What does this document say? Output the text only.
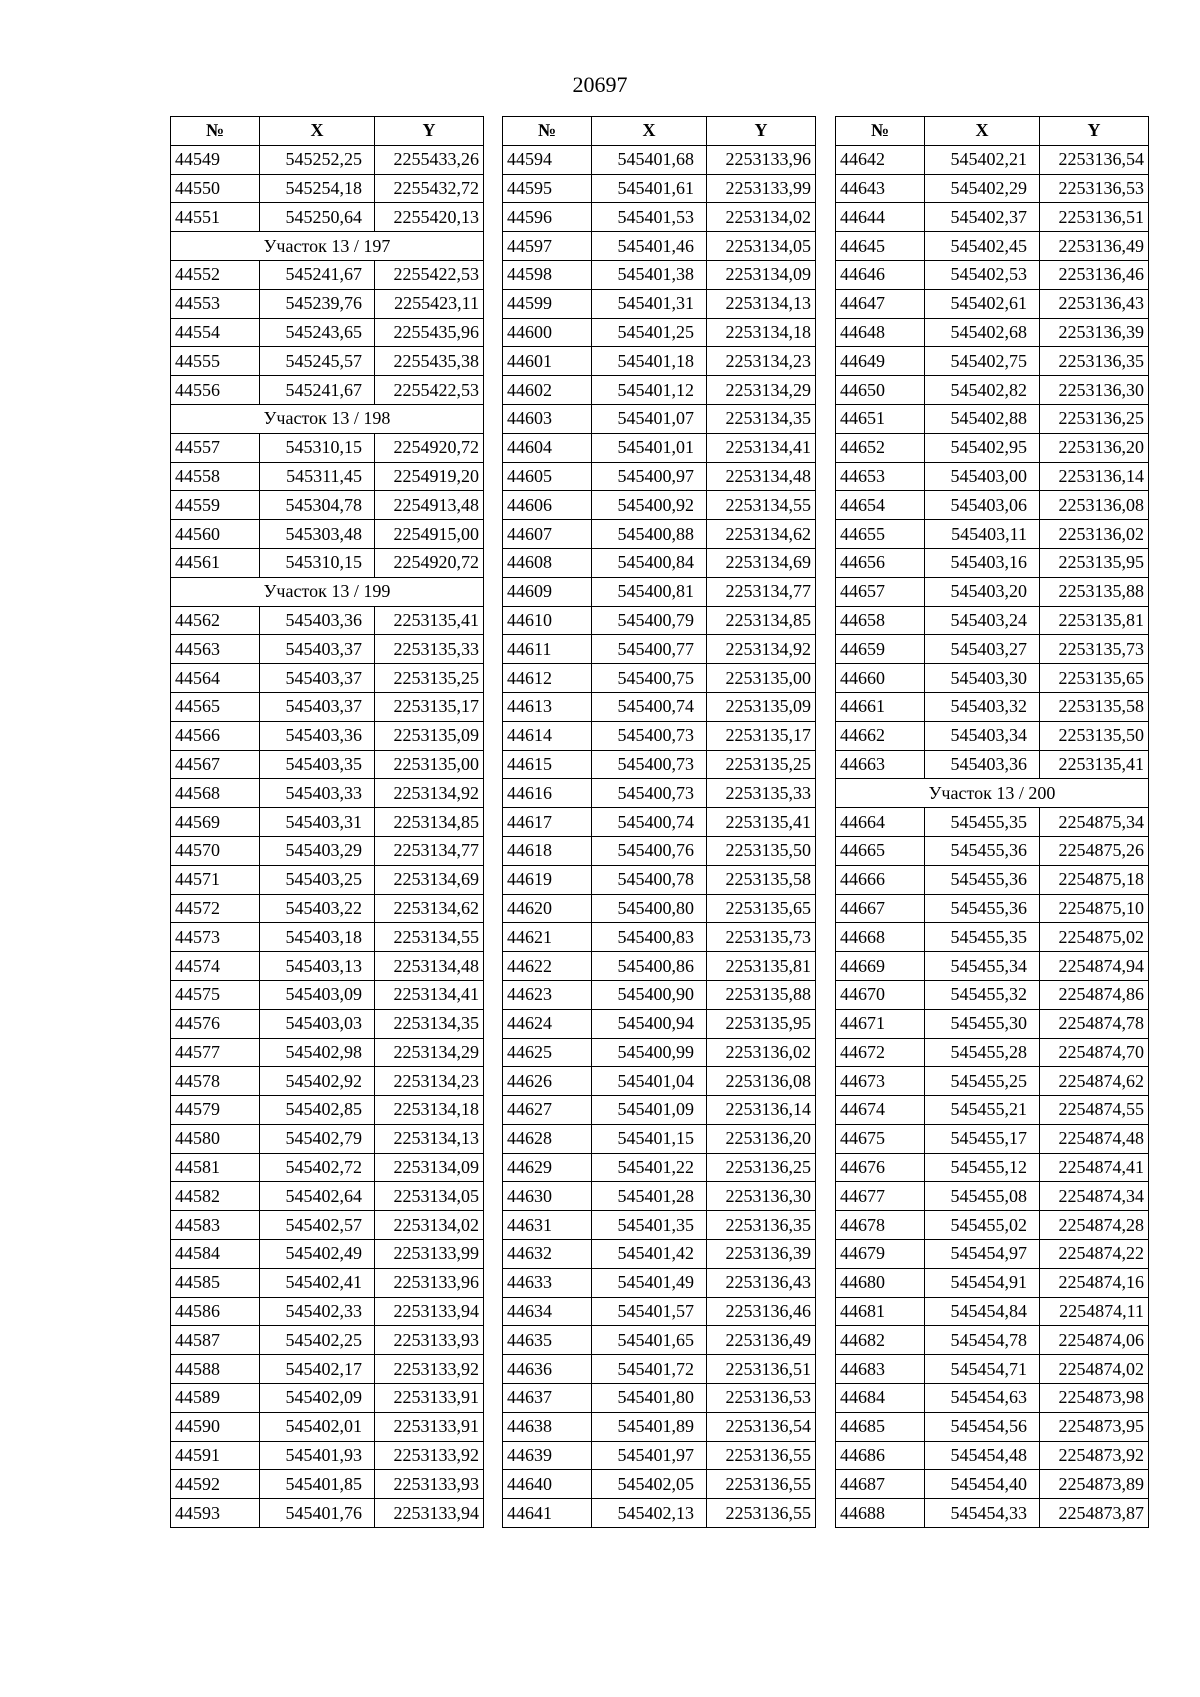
20697
№	X	Y
44549	545252,25	2255433,26
44550	545254,18	2255432,72
44551	545250,64	2255420,13
Участок 13 / 197		
44552	545241,67	2255422,53
44553	545239,76	2255423,11
44554	545243,65	2255435,96
44555	545245,57	2255435,38
44556	545241,67	2255422,53
Участок 13 / 198		
44557	545310,15	2254920,72
44558	545311,45	2254919,20
44559	545304,78	2254913,48
44560	545303,48	2254915,00
44561	545310,15	2254920,72
Участок 13 / 199		
44562	545403,36	2253135,41
44563	545403,37	2253135,33
44564	545403,37	2253135,25
44565	545403,37	2253135,17
44566	545403,36	2253135,09
44567	545403,35	2253135,00
44568	545403,33	2253134,92
44569	545403,31	2253134,85
44570	545403,29	2253134,77
44571	545403,25	2253134,69
44572	545403,22	2253134,62
44573	545403,18	2253134,55
44574	545403,13	2253134,48
44575	545403,09	2253134,41
44576	545403,03	2253134,35
44577	545402,98	2253134,29
44578	545402,92	2253134,23
44579	545402,85	2253134,18
44580	545402,79	2253134,13
44581	545402,72	2253134,09
44582	545402,64	2253134,05
44583	545402,57	2253134,02
44584	545402,49	2253133,99
44585	545402,41	2253133,96
44586	545402,33	2253133,94
44587	545402,25	2253133,93
44588	545402,17	2253133,92
44589	545402,09	2253133,91
44590	545402,01	2253133,91
44591	545401,93	2253133,92
44592	545401,85	2253133,93
44593	545401,76	2253133,94
№	X	Y
44594	545401,68	2253133,96
44595	545401,61	2253133,99
44596	545401,53	2253134,02
44597	545401,46	2253134,05
44598	545401,38	2253134,09
44599	545401,31	2253134,13
44600	545401,25	2253134,18
44601	545401,18	2253134,23
44602	545401,12	2253134,29
44603	545401,07	2253134,35
44604	545401,01	2253134,41
44605	545400,97	2253134,48
44606	545400,92	2253134,55
44607	545400,88	2253134,62
44608	545400,84	2253134,69
44609	545400,81	2253134,77
44610	545400,79	2253134,85
44611	545400,77	2253134,92
44612	545400,75	2253135,00
44613	545400,74	2253135,09
44614	545400,73	2253135,17
44615	545400,73	2253135,25
44616	545400,73	2253135,33
44617	545400,74	2253135,41
44618	545400,76	2253135,50
44619	545400,78	2253135,58
44620	545400,80	2253135,65
44621	545400,83	2253135,73
44622	545400,86	2253135,81
44623	545400,90	2253135,88
44624	545400,94	2253135,95
44625	545400,99	2253136,02
44626	545401,04	2253136,08
44627	545401,09	2253136,14
44628	545401,15	2253136,20
44629	545401,22	2253136,25
44630	545401,28	2253136,30
44631	545401,35	2253136,35
44632	545401,42	2253136,39
44633	545401,49	2253136,43
44634	545401,57	2253136,46
44635	545401,65	2253136,49
44636	545401,72	2253136,51
44637	545401,80	2253136,53
44638	545401,89	2253136,54
44639	545401,97	2253136,55
44640	545402,05	2253136,55
44641	545402,13	2253136,55
№	X	Y
44642	545402,21	2253136,54
44643	545402,29	2253136,53
44644	545402,37	2253136,51
44645	545402,45	2253136,49
44646	545402,53	2253136,46
44647	545402,61	2253136,43
44648	545402,68	2253136,39
44649	545402,75	2253136,35
44650	545402,82	2253136,30
44651	545402,88	2253136,25
44652	545402,95	2253136,20
44653	545403,00	2253136,14
44654	545403,06	2253136,08
44655	545403,11	2253136,02
44656	545403,16	2253135,95
44657	545403,20	2253135,88
44658	545403,24	2253135,81
44659	545403,27	2253135,73
44660	545403,30	2253135,65
44661	545403,32	2253135,58
44662	545403,34	2253135,50
44663	545403,36	2253135,41
Участок 13 / 200		
44664	545455,35	2254875,34
44665	545455,36	2254875,26
44666	545455,36	2254875,18
44667	545455,36	2254875,10
44668	545455,35	2254875,02
44669	545455,34	2254874,94
44670	545455,32	2254874,86
44671	545455,30	2254874,78
44672	545455,28	2254874,70
44673	545455,25	2254874,62
44674	545455,21	2254874,55
44675	545455,17	2254874,48
44676	545455,12	2254874,41
44677	545455,08	2254874,34
44678	545455,02	2254874,28
44679	545454,97	2254874,22
44680	545454,91	2254874,16
44681	545454,84	2254874,11
44682	545454,78	2254874,06
44683	545454,71	2254874,02
44684	545454,63	2254873,98
44685	545454,56	2254873,95
44686	545454,48	2254873,92
44687	545454,40	2254873,89
44688	545454,33	2254873,87
